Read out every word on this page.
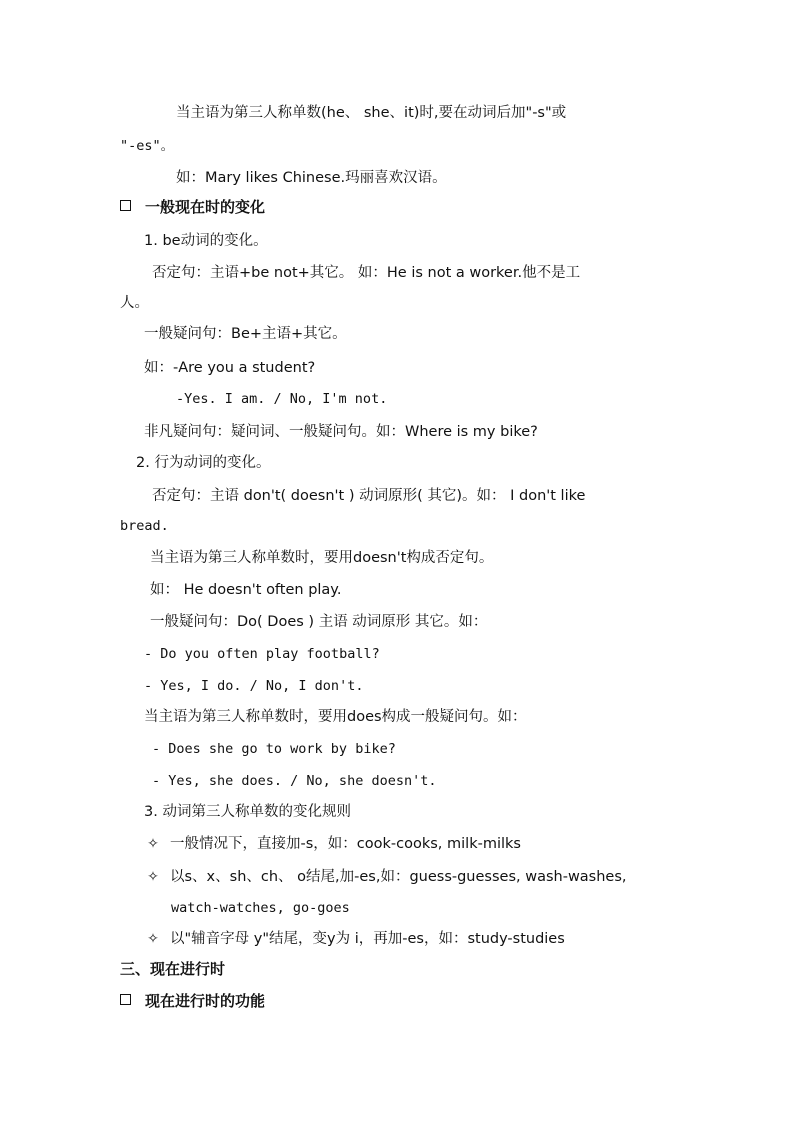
当主语为第三人称单数(he、 she、it)时,要在动词后加"-s"或
"-es"。
如：Mary likes Chinese.玛丽喜欢汉语。
一般现在时的变化
1. be动词的变化。
否定句：主语+be not+其它。 如：He is not a worker.他不是工
人。
一般疑问句：Be+主语+其它。
如：-Are you a student?
-Yes. I am. / No, I'm not.
非凡疑问句：疑问词、一般疑问句。如：Where is my bike?
2. 行为动词的变化。
否定句：主语 don't( doesn't ) 动词原形( 其它)。如： I don't like
bread.
当主语为第三人称单数时，要用doesn't构成否定句。
如： He doesn't often play.
一般疑问句：Do( Does ) 主语 动词原形 其它。如：
- Do you often play football?
- Yes, I do. / No, I don't.
当主语为第三人称单数时，要用does构成一般疑问句。如：
- Does she go to work by bike?
- Yes, she does. / No, she doesn't.
3. 动词第三人称单数的变化规则
✧ 一般情况下，直接加-s，如：cook-cooks, milk-milks
✧ 以s、x、sh、ch、 o结尾,加-es,如：guess-guesses, wash-washes,
watch-watches, go-goes
✧ 以"辅音字母 y"结尾，变y为 i，再加-es，如：study-studies
三、现在进行时
现在进行时的功能
